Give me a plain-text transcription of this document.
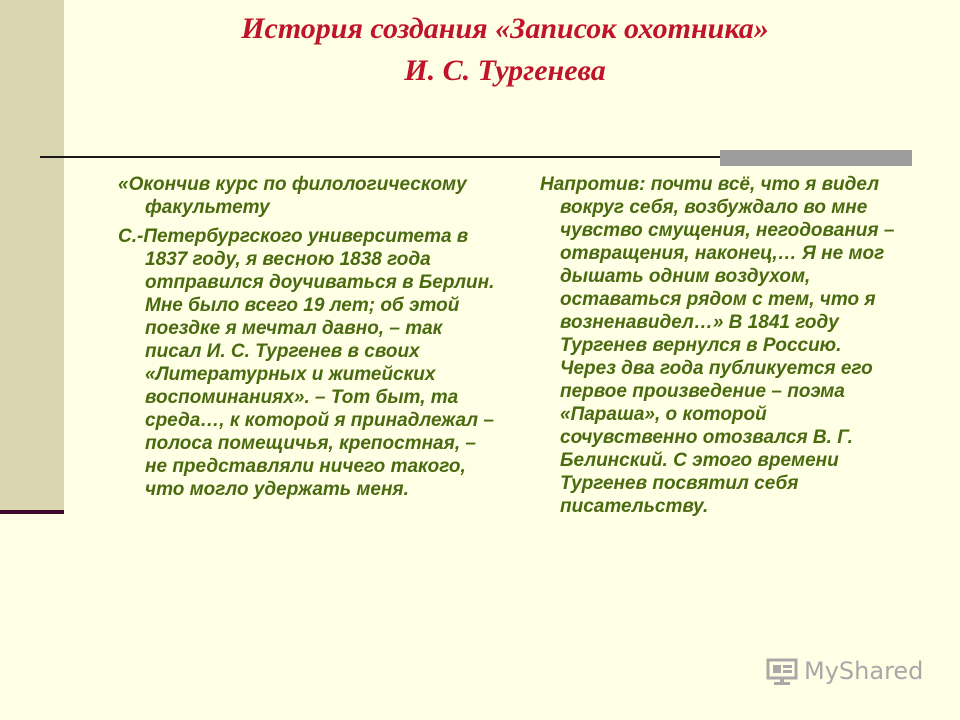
История создания «Записок охотника»
И. С. Тургенева

«Окончив курс по филологическому факультету

С.-Петербургского университета в 1837 году, я весною 1838 года отправился доучиваться в Берлин. Мне было всего 19 лет; об этой поездке я мечтал давно, – так писал И. С. Тургенев в своих «Литературных и житейских воспоминаниях». – Тот быт, та среда…, к которой я принадлежал – полоса помещичья, крепостная, – не представляли ничего такого, что могло удержать меня.

Напротив: почти всё, что я видел вокруг себя, возбуждало во мне чувство смущения, негодования – отвращения, наконец,… Я не мог дышать одним воздухом, оставаться рядом с тем, что я возненавидел…» В 1841 году Тургенев вернулся в Россию. Через два года публикуется его первое произведение – поэма «Параша», о которой сочувственно отозвался В. Г. Белинский. С этого времени Тургенев посвятил себя писательству.

MyShared
